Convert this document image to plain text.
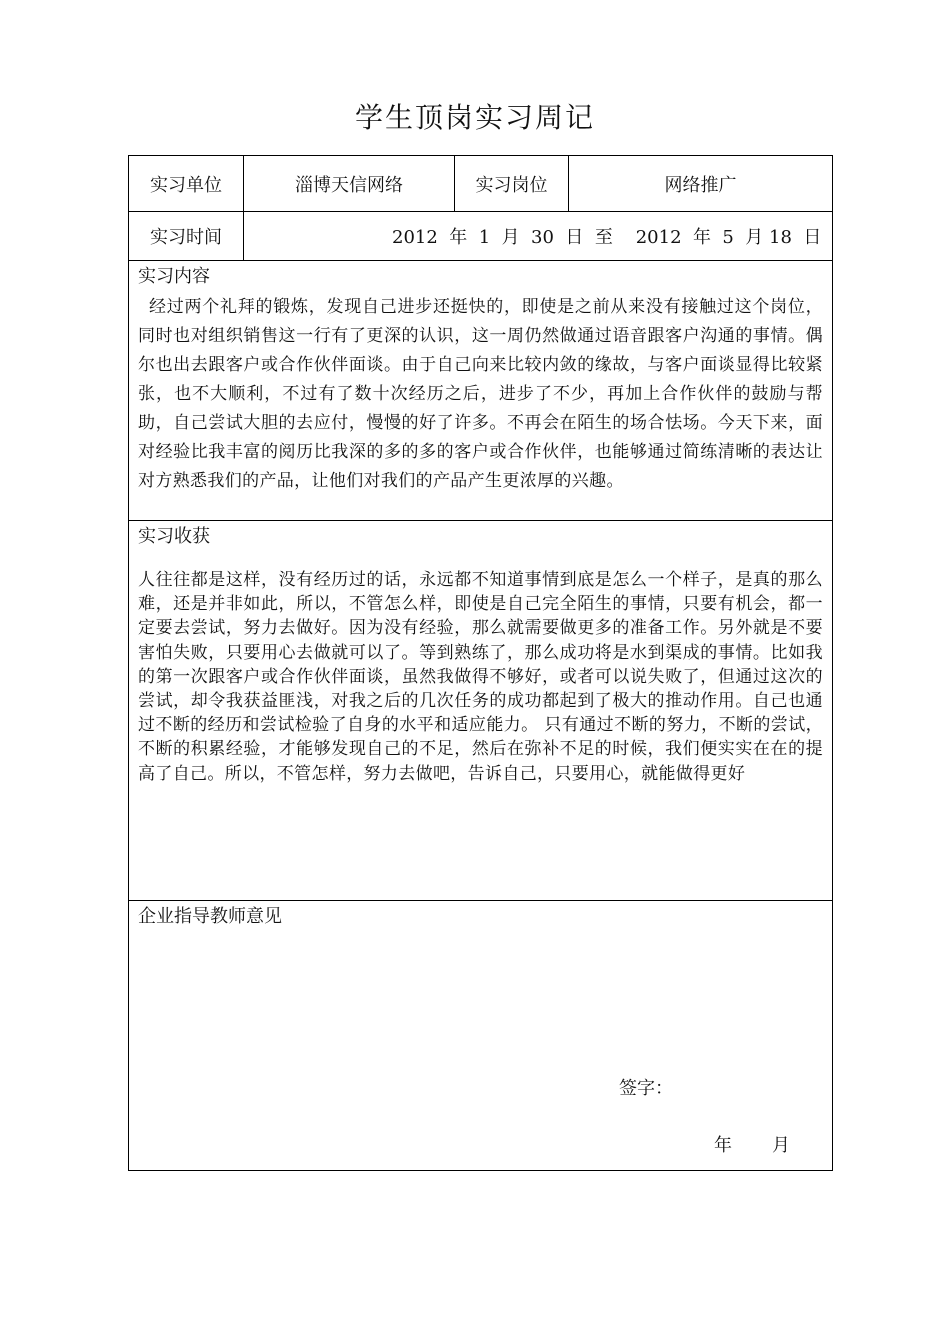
学生顶岗实习周记
实习单位	淄博天信网络	实习岗位	网络推广
实习时间	2012  年  1  月  30  日  至    2012  年  5  月 18  日
实习内容
经过两个礼拜的锻炼，发现自己进步还挺快的，即使是之前从来没有接触过这个岗位，同时也对组织销售这一行有了更深的认识，这一周仍然做通过语音跟客户沟通的事情。偶尔也出去跟客户或合作伙伴面谈。由于自己向来比较内敛的缘故，与客户面谈显得比较紧张，也不大顺利，不过有了数十次经历之后，进步了不少，再加上合作伙伴的鼓励与帮助，自己尝试大胆的去应付，慢慢的好了许多。不再会在陌生的场合怯场。今天下来，面对经验比我丰富的阅历比我深的多的多的客户或合作伙伴，也能够通过简练清晰的表达让对方熟悉我们的产品，让他们对我们的产品产生更浓厚的兴趣。
实习收获
人往往都是这样，没有经历过的话，永远都不知道事情到底是怎么一个样子，是真的那么难，还是并非如此，所以，不管怎么样，即使是自己完全陌生的事情，只要有机会，都一定要去尝试，努力去做好。因为没有经验，那么就需要做更多的准备工作。另外就是不要害怕失败，只要用心去做就可以了。等到熟练了，那么成功将是水到渠成的事情。比如我的第一次跟客户或合作伙伴面谈，虽然我做得不够好，或者可以说失败了，但通过这次的尝试，却令我获益匪浅，对我之后的几次任务的成功都起到了极大的推动作用。自己也通过不断的经历和尝试检验了自身的水平和适应能力。 只有通过不断的努力，不断的尝试，不断的积累经验，才能够发现自己的不足，然后在弥补不足的时候，我们便实实在在的提高了自己。所以，不管怎样，努力去做吧，告诉自己，只要用心，就能做得更好
企业指导教师意见
签字：
年       月
